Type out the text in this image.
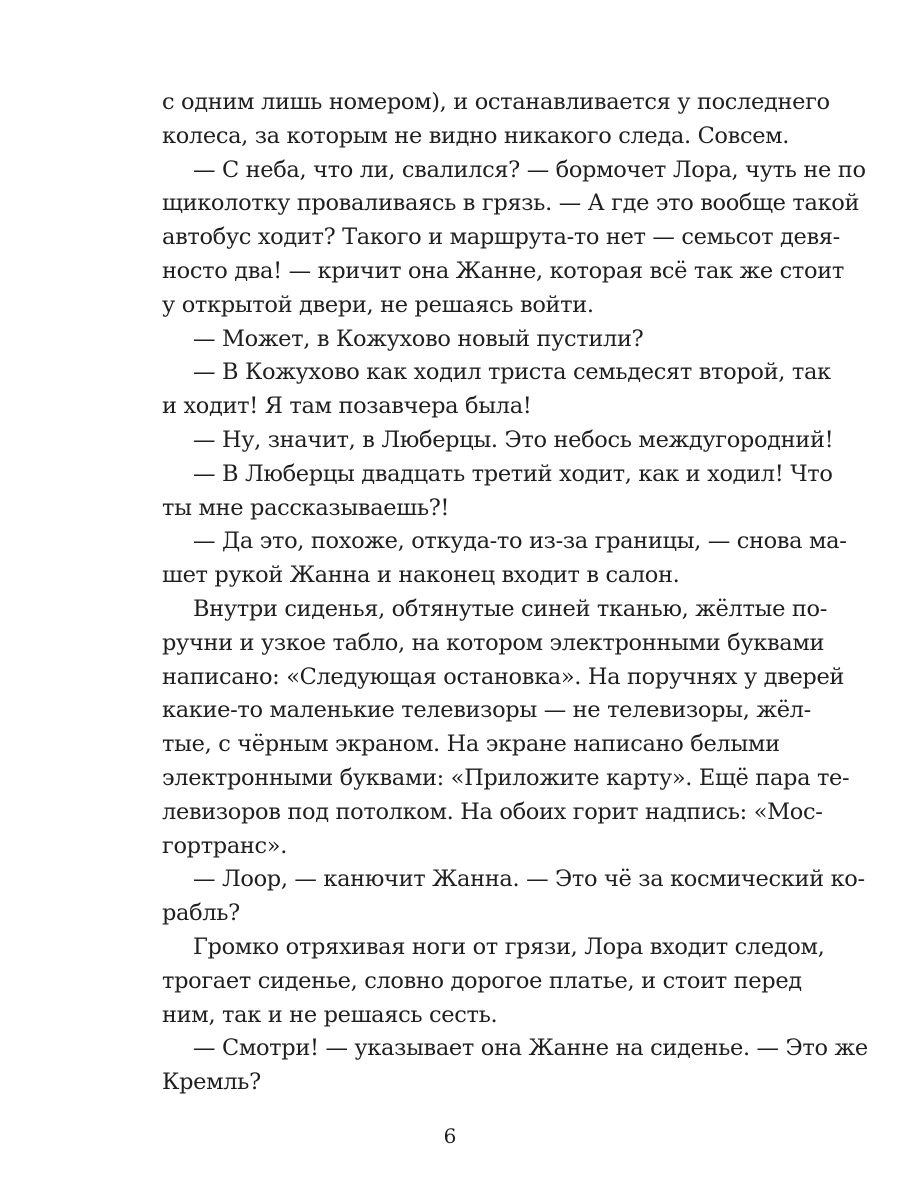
с одним лишь номером), и останавливается у последнего
колеса, за которым не видно никакого следа. Совсем.
— С неба, что ли, свалился? — бормочет Лора, чуть не по
щиколотку проваливаясь в грязь. — А где это вообще такой
автобус ходит? Такого и маршрута-то нет — семьсот девя-
носто два! — кричит она Жанне, которая всё так же стоит
у открытой двери, не решаясь войти.
— Может, в Кожухово новый пустили?
— В Кожухово как ходил триста семьдесят второй, так
и ходит! Я там позавчера была!
— Ну, значит, в Люберцы. Это небось междугородний!
— В Люберцы двадцать третий ходит, как и ходил! Что
ты мне рассказываешь?!
— Да это, похоже, откуда-то из-за границы, — снова ма-
шет рукой Жанна и наконец входит в салон.
Внутри сиденья, обтянутые синей тканью, жёлтые по-
ручни и узкое табло, на котором электронными буквами
написано: «Следующая остановка». На поручнях у дверей
какие-то маленькие телевизоры — не телевизоры, жёл-
тые, с чёрным экраном. На экране написано белыми
электронными буквами: «Приложите карту». Ещё пара те-
левизоров под потолком. На обоих горит надпись: «Мос-
гортранс».
— Лоор, — канючит Жанна. — Это чё за космический ко-
рабль?
Громко отряхивая ноги от грязи, Лора входит следом,
трогает сиденье, словно дорогое платье, и стоит перед
ним, так и не решаясь сесть.
— Смотри! — указывает она Жанне на сиденье. — Это же
Кремль?
6
